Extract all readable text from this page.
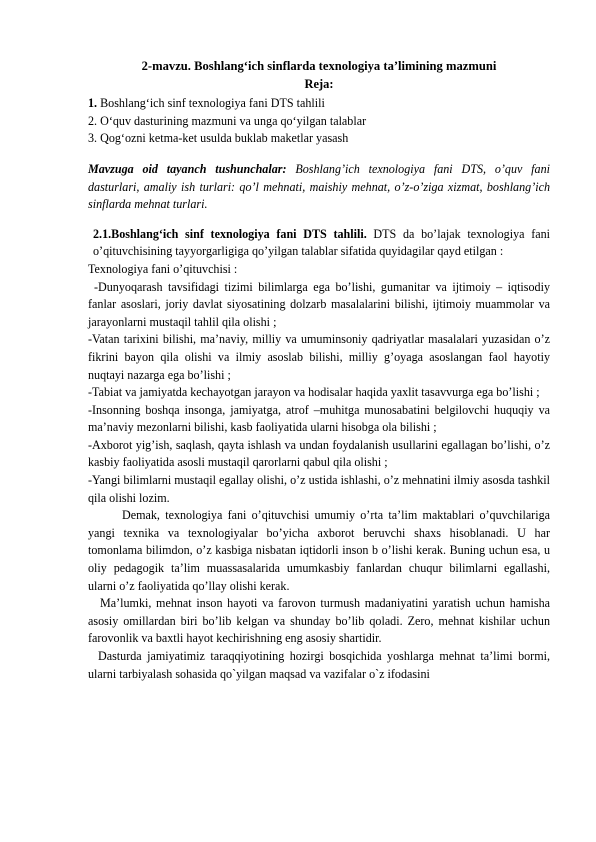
2-mavzu. Boshlang‘ich sinflarda texnologiya ta’limining mazmuni

Reja:

1. Boshlang‘ich sinf texnologiya fani DTS tahlili

2. O‘quv dasturining mazmuni va unga qo‘yilgan talablar

3. Qog‘ozni ketma-ket usulda buklab maketlar yasash

Mavzuga oid tayanch tushunchalar: Boshlang’ich texnologiya fani DTS, o’quv fani dasturlari, amaliy ish turlari: qo’l mehnati, maishiy mehnat, o’z-o’ziga xizmat, boshlang’ich sinflarda mehnat turlari.

2.1.Boshlang‘ich sinf texnologiya fani DTS tahlili. DTS da bo’lajak texnologiya fani o’qituvchisining tayyorgarligiga qo’yilgan talablar sifatida quyidagilar qayd etilgan :

Texnologiya fani o’qituvchisi :

-Dunyoqarash tavsifidagi tizimi bilimlarga ega bo’lishi, gumanitar va ijtimoiy – iqtisodiy fanlar asoslari, joriy davlat siyosatining dolzarb masalalarini bilishi, ijtimoiy muammolar va jarayonlarni mustaqil tahlil qila olishi ;

-Vatan tarixini bilishi, ma’naviy, milliy va umuminsoniy qadriyatlar masalalari yuzasidan o’z fikrini bayon qila olishi va ilmiy asoslab bilishi, milliy g’oyaga asoslangan faol hayotiy nuqtayi nazarga ega bo’lishi ;

-Tabiat va jamiyatda kechayotgan jarayon va hodisalar haqida yaxlit tasavvurga ega bo’lishi ;

-Insonning boshqa insonga, jamiyatga, atrof –muhitga munosabatini belgilovchi huquqiy va ma’naviy mezonlarni bilishi, kasb faoliyatida ularni hisobga ola bilishi ;

-Axborot yig’ish, saqlash, qayta ishlash va undan foydalanish usullarini egallagan bo’lishi, o’z kasbiy faoliyatida asosli mustaqil qarorlarni qabul qila olishi ;

-Yangi bilimlarni mustaqil egallay olishi, o’z ustida ishlashi, o’z mehnatini ilmiy asosda tashkil qila olishi lozim.

Demak, texnologiya fani o’qituvchisi umumiy o’rta ta’lim maktablari o’quvchilariga yangi texnika va texnologiyalar bo’yicha axborot beruvchi shaxs hisoblanadi. U har tomonlama bilimdon, o’z kasbiga nisbatan iqtidorli inson b o’lishi kerak. Buning uchun esa, u oliy pedagogik ta’lim muassasalarida umumkasbiy fanlardan chuqur bilimlarni egallashi, ularni o’z faoliyatida qo’llay olishi kerak.

Ma’lumki, mehnat inson hayoti va farovon turmush madaniyatini yaratish uchun hamisha asosiy omillardan biri bo’lib kelgan va shunday bo’lib qoladi. Zero, mehnat kishilar uchun farovonlik va baxtli hayot kechirishning eng asosiy shartidir.

Dasturda jamiyatimiz taraqqiyotining hozirgi bosqichida yoshlarga mehnat ta’limi bormi, ularni tarbiyalash sohasida qo`yilgan maqsad va vazifalar o`z ifodasini
